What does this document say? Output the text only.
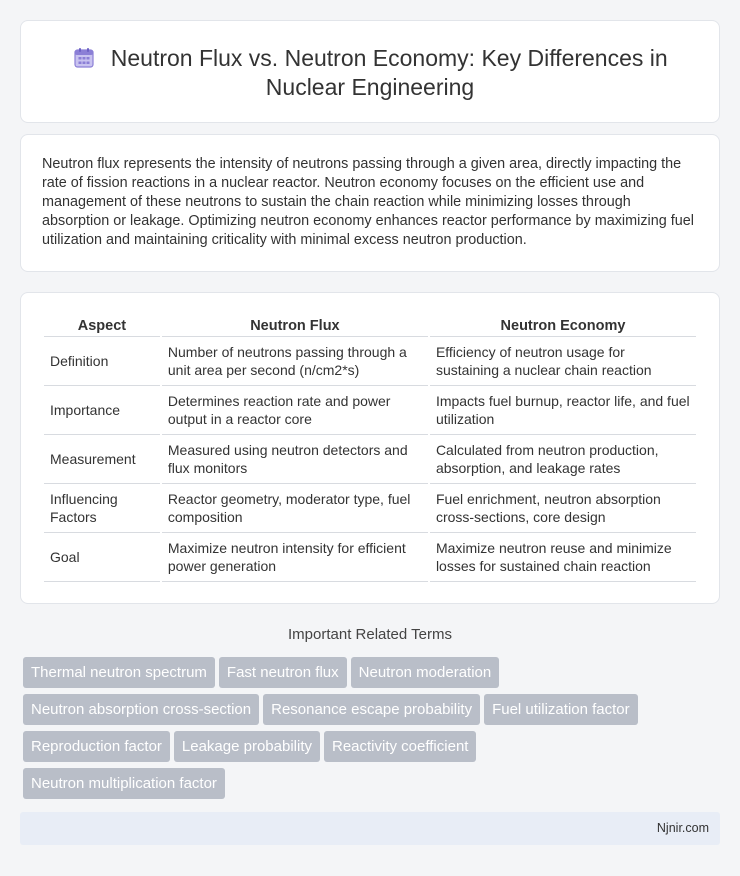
Neutron Flux vs. Neutron Economy: Key Differences in Nuclear Engineering

Neutron flux represents the intensity of neutrons passing through a given area, directly impacting the rate of fission reactions in a nuclear reactor. Neutron economy focuses on the efficient use and management of these neutrons to sustain the chain reaction while minimizing losses through absorption or leakage. Optimizing neutron economy enhances reactor performance by maximizing fuel utilization and maintaining criticality with minimal excess neutron production.

Aspect	Neutron Flux	Neutron Economy
Definition	Number of neutrons passing through a unit area per second (n/cm2*s)	Efficiency of neutron usage for sustaining a nuclear chain reaction
Importance	Determines reaction rate and power output in a reactor core	Impacts fuel burnup, reactor life, and fuel utilization
Measurement	Measured using neutron detectors and flux monitors	Calculated from neutron production, absorption, and leakage rates
Influencing Factors	Reactor geometry, moderator type, fuel composition	Fuel enrichment, neutron absorption cross-sections, core design
Goal	Maximize neutron intensity for efficient power generation	Maximize neutron reuse and minimize losses for sustained chain reaction
Important Related Terms
Thermal neutron spectrum Fast neutron flux Neutron moderation
Neutron absorption cross-section Resonance escape probability Fuel utilization factor
Reproduction factor Leakage probability Reactivity coefficient
Neutron multiplication factor
Njnir.com
